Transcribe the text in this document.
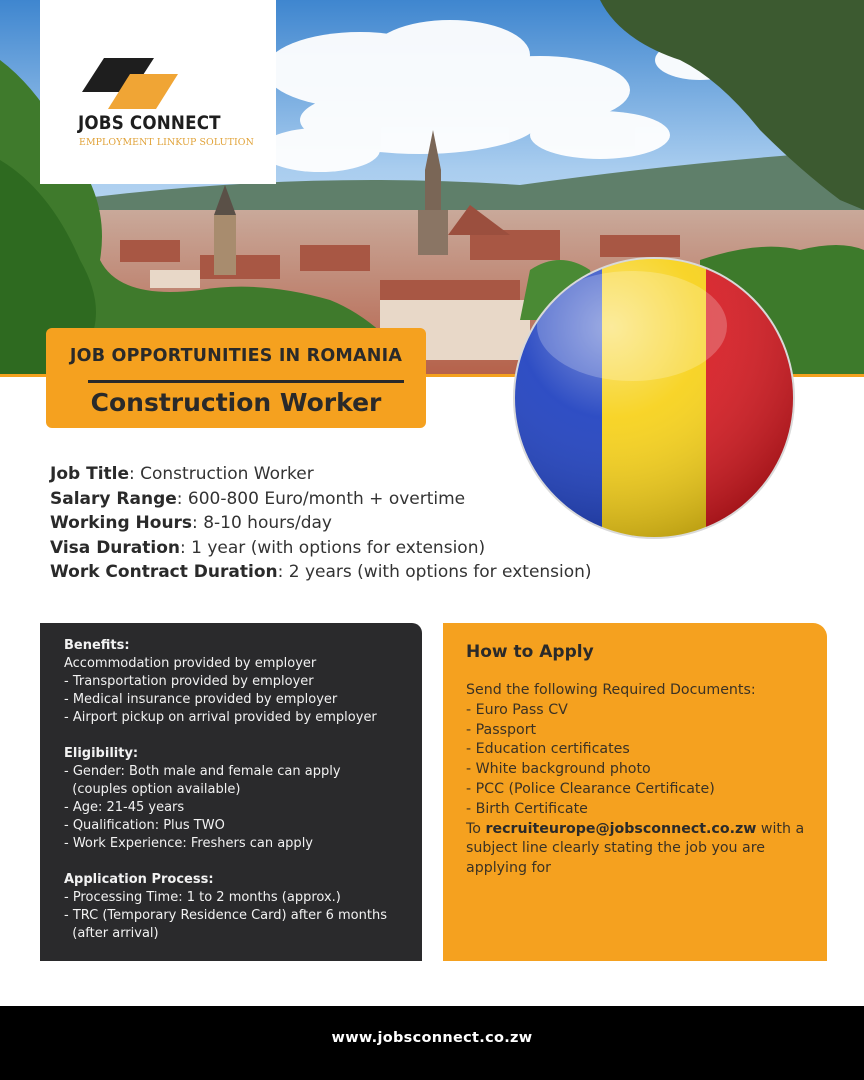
JOBS CONNECT
EMPLOYMENT LINKUP SOLUTION
JOB OPPORTUNITIES IN ROMANIA
Construction Worker
Job Title: Construction Worker
Salary Range: 600-800 Euro/month + overtime
Working Hours: 8-10 hours/day
Visa Duration: 1 year (with options for extension)
Work Contract Duration: 2 years (with options for extension)
Benefits:
Accommodation provided by employer
- Transportation provided by employer
- Medical insurance provided by employer
- Airport pickup on arrival provided by employer
Eligibility:
- Gender: Both male and female can apply
(couples option available)
- Age: 21-45 years
- Qualification: Plus TWO
- Work Experience: Freshers can apply
Application Process:
- Processing Time: 1 to 2 months (approx.)
- TRC (Temporary Residence Card) after 6 months
(after arrival)
How to Apply
Send the following Required Documents:
- Euro Pass CV
- Passport
- Education certificates
- White background photo
- PCC (Police Clearance Certificate)
- Birth Certificate
To recruiteurope@jobsconnect.co.zw with a subject line clearly stating the job you are applying for
www.jobsconnect.co.zw
